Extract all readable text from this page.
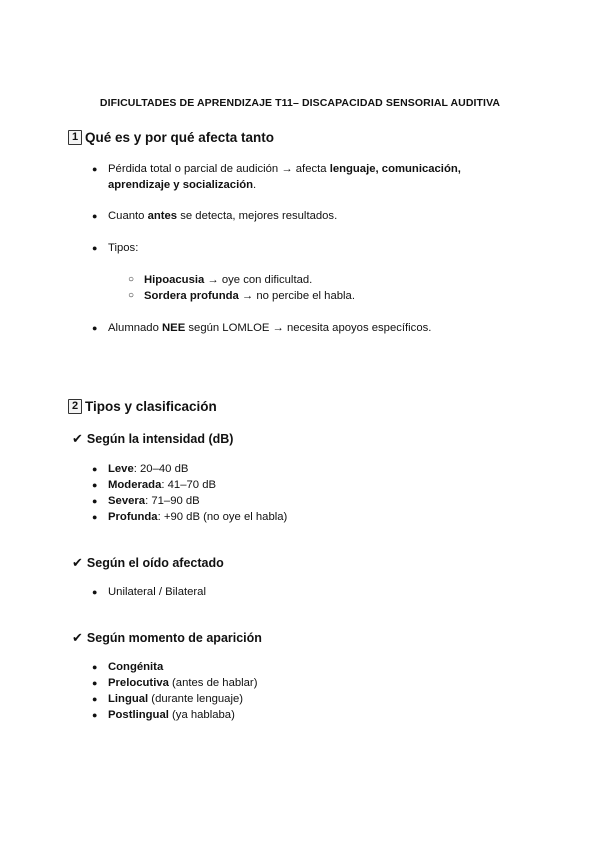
DIFICULTADES DE APRENDIZAJE T11– DISCAPACIDAD SENSORIAL AUDITIVA
1 Qué es y por qué afecta tanto
● Pérdida total o parcial de audición → afecta lenguaje, comunicación,
aprendizaje y socialización.
● Cuanto antes se detecta, mejores resultados.
● Tipos:
○ Hipoacusia → oye con dificultad.
○ Sordera profunda → no percibe el habla.
● Alumnado NEE según LOMLOE → necesita apoyos específicos.
2 Tipos y clasificación
✔ Según la intensidad (dB)
● Leve: 20–40 dB
● Moderada: 41–70 dB
● Severa: 71–90 dB
● Profunda: +90 dB (no oye el habla)
✔ Según el oído afectado
● Unilateral / Bilateral
✔ Según momento de aparición
● Congénita
● Prelocutiva (antes de hablar)
● Lingual (durante lenguaje)
● Postlingual (ya hablaba)
